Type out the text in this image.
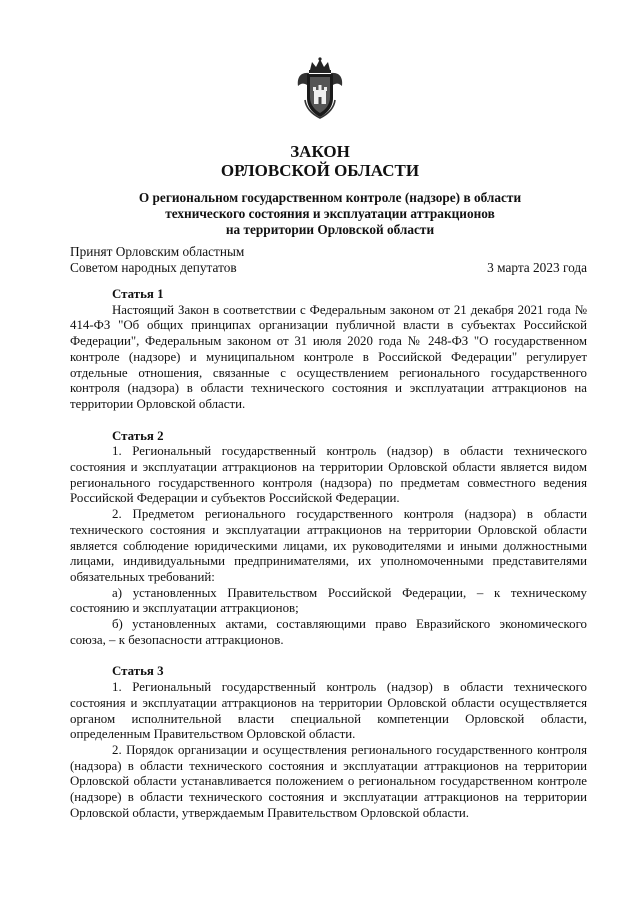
ЗАКОН
ОРЛОВСКОЙ ОБЛАСТИ
О региональном государственном контроле (надзоре) в области
технического состояния и эксплуатации аттракционов
на территории Орловской области
Принят Орловским областным
Советом народных депутатов	3 марта 2023 года
Статья 1

Настоящий Закон в соответствии с Федеральным законом от 21 декабря 2021 года № 414-ФЗ "Об общих принципах организации публичной власти в субъектах Российской Федерации", Федеральным законом от 31 июля 2020 года № 248-ФЗ "О государственном контроле (надзоре) и муниципальном контроле в Российской Федерации" регулирует отдельные отношения, связанные с осуществлением регионального государственного контроля (надзора) в области технического состояния и эксплуатации аттракционов на территории Орловской области.

Статья 2

1. Региональный государственный контроль (надзор) в области технического состояния и эксплуатации аттракционов на территории Орловской области является видом регионального государственного контроля (надзора) по предметам совместного ведения Российской Федерации и субъектов Российской Федерации.

2. Предметом регионального государственного контроля (надзора) в области технического состояния и эксплуатации аттракционов на территории Орловской области является соблюдение юридическими лицами, их руководителями и иными должностными лицами, индивидуальными предпринимателями, их уполномоченными представителями обязательных требований:

а) установленных Правительством Российской Федерации, – к техническому состоянию и эксплуатации аттракционов;

б) установленных актами, составляющими право Евразийского экономического союза, – к безопасности аттракционов.

Статья 3

1. Региональный государственный контроль (надзор) в области технического состояния и эксплуатации аттракционов на территории Орловской области осуществляется органом исполнительной власти специальной компетенции Орловской области, определенным Правительством Орловской области.

2. Порядок организации и осуществления регионального государственного контроля (надзора) в области технического состояния и эксплуатации аттракционов на территории Орловской области устанавливается положением о региональном государственном контроле (надзоре) в области технического состояния и эксплуатации аттракционов на территории Орловской области, утверждаемым Правительством Орловской области.
